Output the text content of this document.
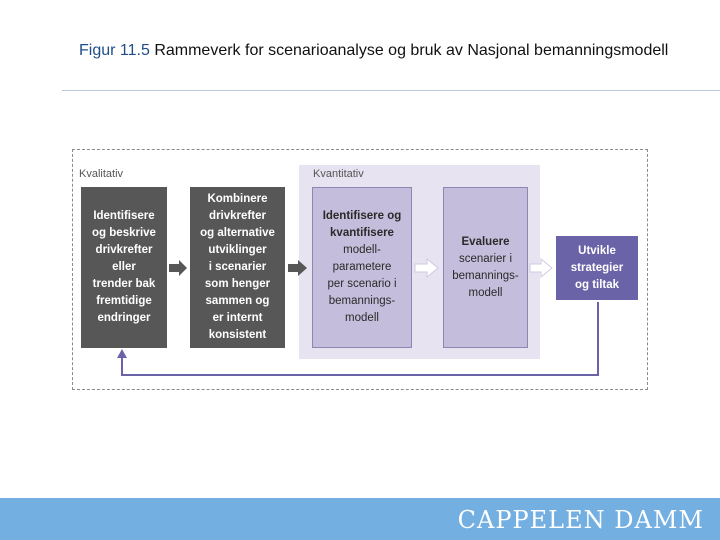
Figur 11.5 Rammeverk for scenarioanalyse og bruk av Nasjonal bemanningsmodell
Kvalitativ	Kvantitativ
Identifisere
og beskrive
drivkrefter
eller
trender bak
fremtidige
endringer
Kombinere
drivkrefter
og alternative
utviklinger
i scenarier
som henger
sammen og
er internt
konsistent
Identifisere og
kvantifisere
modell-
parametere
per scenario i
bemannings-
modell
Evaluere
scenarier i
bemannings-
modell
Utvikle
strategier
og tiltak
CAPPELEN DAMM
